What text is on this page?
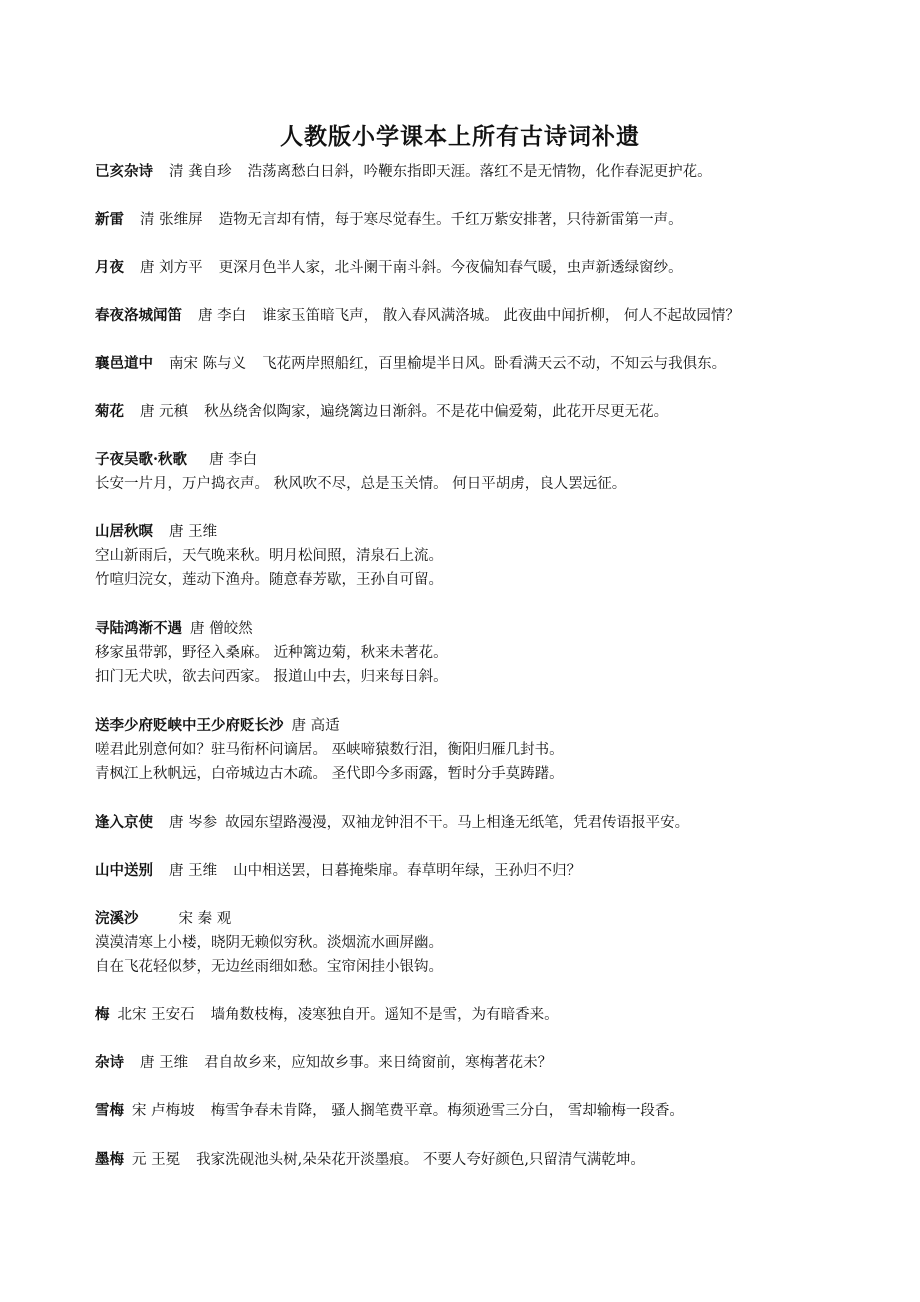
人教版小学课本上所有古诗词补遗
已亥杂诗 清 龚自珍 浩荡离愁白日斜，吟鞭东指即天涯。落红不是无情物，化作春泥更护花。
新雷 清 张维屏 造物无言却有情，每于寒尽觉春生。千红万紫安排著，只待新雷第一声。
月夜 唐 刘方平 更深月色半人家，北斗阑干南斗斜。今夜偏知春气暖，虫声新透绿窗纱。
春夜洛城闻笛 唐 李白 谁家玉笛暗飞声， 散入春风满洛城。 此夜曲中闻折柳， 何人不起故园情？
襄邑道中 南宋 陈与义 飞花两岸照船红，百里榆堤半日风。卧看满天云不动，不知云与我俱东。
菊花 唐 元稹 秋丛绕舍似陶家，遍绕篱边日渐斜。不是花中偏爱菊，此花开尽更无花。
子夜吴歌·秋歌 唐 李白
长安一片月，万户捣衣声。 秋风吹不尽，总是玉关情。 何日平胡虏，良人罢远征。
山居秋暝 唐 王维
空山新雨后，天气晚来秋。明月松间照，清泉石上流。
竹喧归浣女，莲动下渔舟。随意春芳歇，王孙自可留。
寻陆鸿渐不遇 唐 僧皎然
移家虽带郭，野径入桑麻。 近种篱边菊，秋来未著花。
扣门无犬吠，欲去问西家。 报道山中去，归来每日斜。
送李少府贬峡中王少府贬长沙 唐 高适
嗟君此别意何如？驻马衔杯问谪居。 巫峡啼猿数行泪，衡阳归雁几封书。
青枫江上秋帆远，白帝城边古木疏。 圣代即今多雨露，暂时分手莫踌躇。
逢入京使 唐 岑参 故园东望路漫漫，双袖龙钟泪不干。马上相逢无纸笔，凭君传语报平安。
山中送别 唐 王维 山中相送罢，日暮掩柴扉。春草明年绿，王孙归不归？
浣溪沙	宋 秦 观
漠漠清寒上小楼，晓阴无赖似穷秋。淡烟流水画屏幽。
自在飞花轻似梦，无边丝雨细如愁。宝帘闲挂小银钩。
梅 北宋 王安石 墙角数枝梅，凌寒独自开。遥知不是雪，为有暗香来。
杂诗 唐 王维 君自故乡来，应知故乡事。来日绮窗前，寒梅著花未？
雪梅 宋 卢梅坡 梅雪争春未肯降， 骚人搁笔费平章。梅须逊雪三分白， 雪却输梅一段香。
墨梅 元 王冕 我家洗砚池头树,朵朵花开淡墨痕。 不要人夸好颜色,只留清气满乾坤。
